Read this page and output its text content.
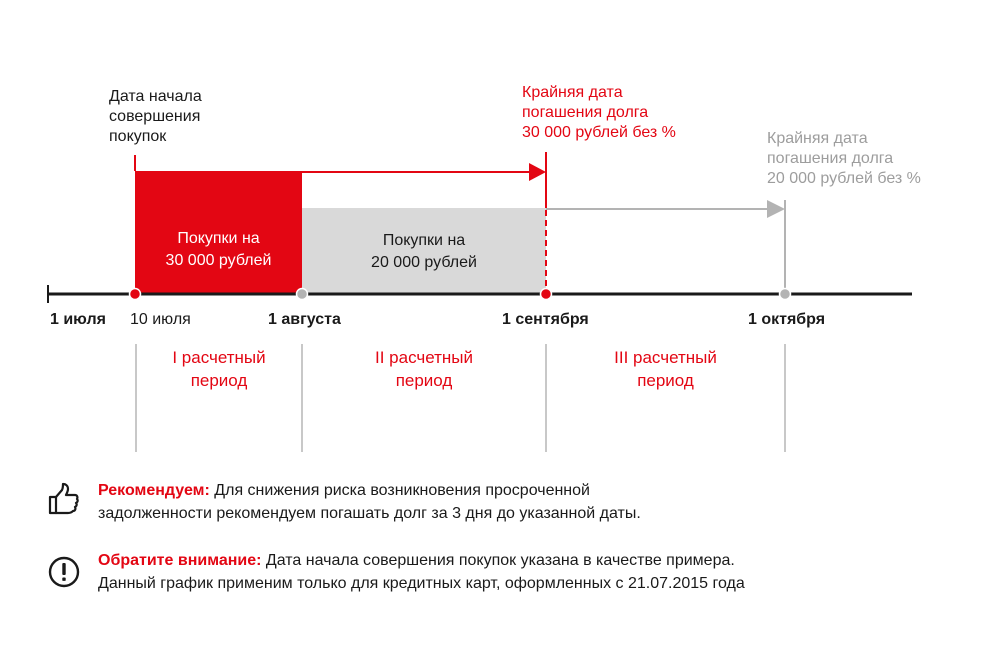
Дата начала
совершения
покупок
Крайняя дата
погашения долга
30 000 рублей без %	Крайняя дата
погашения долга
20 000 рублей без %
Покупки на
30 000 рублей
Покупки на
20 000 рублей
1 июля 10 июля	1 августа	1 сентября	1 октября
I расчетный
период
II расчетный
период
III расчетный
период
Рекомендуем: Для снижения риска возникновения просроченной
задолженности рекомендуем погашать долг за 3 дня до указанной даты.
Обратите внимание: Дата начала совершения покупок указана в качестве примера.
Данный график применим только для кредитных карт, оформленных с 21.07.2015 года
